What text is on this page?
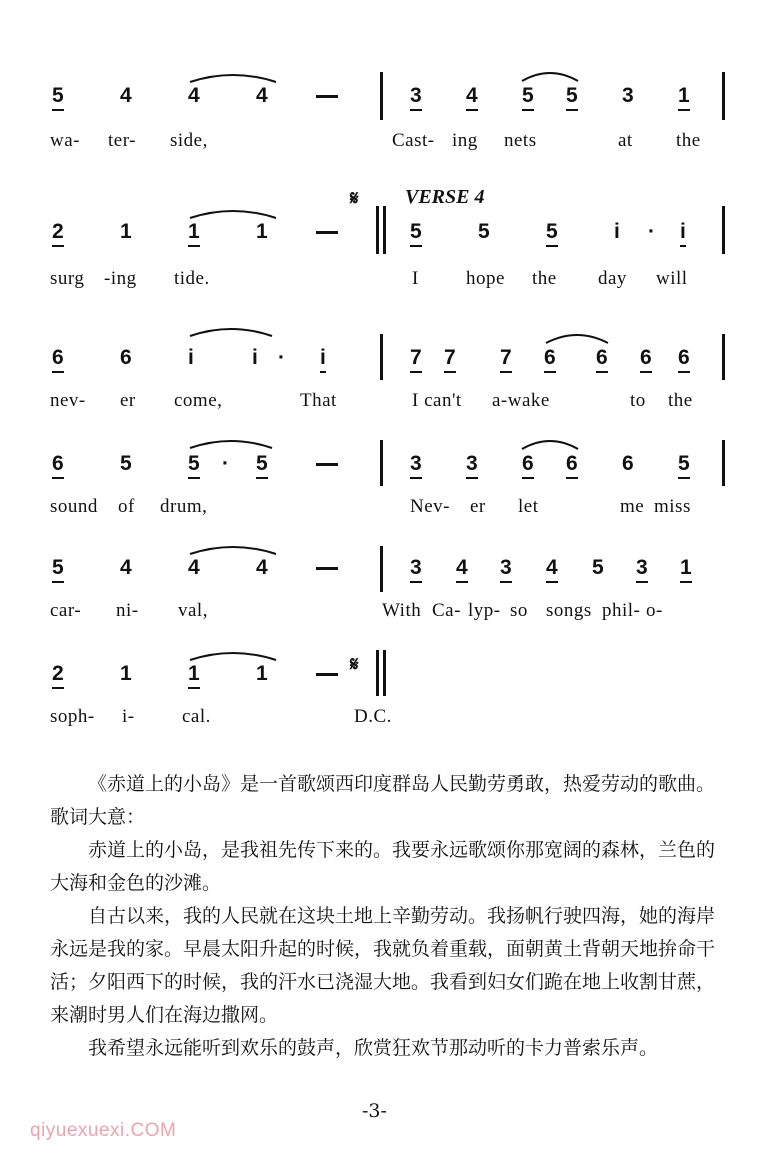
5	4	4	4	3 4 5 5 3 1
wa- ter- side,	Cast- ing nets	at the
𝄋 VERSE 4
2	1	1	1	5	5	5	i · i
surg -ing tide.	I hope the day will
6	6	i	i · i	7 7 7 6 6 6 6
nev- er come,	That	I can't a-wake	to the
6	5	5 · 5	3 3 6 6 6 5
sound of drum,	Nev- er let	me miss
5	4	4	4	3 4 3 4 5 3 1
car- ni- val,	With Ca- lyp- so songs phil- o-
2	1	1	1	𝄋
soph- i- cal.	D.C.

《赤道上的小岛》是一首歌颂西印度群岛人民勤劳勇敢，热爱劳动的歌曲。歌词大意：

赤道上的小岛，是我祖先传下来的。我要永远歌颂你那宽阔的森林，兰色的大海和金色的沙滩。

自古以来，我的人民就在这块土地上辛勤劳动。我扬帆行驶四海，她的海岸永远是我的家。早晨太阳升起的时候，我就负着重载，面朝黄土背朝天地拚命干活；夕阳西下的时候，我的汗水已浇湿大地。我看到妇女们跪在地上收割甘蔗，来潮时男人们在海边撒网。

我希望永远能听到欢乐的鼓声，欣赏狂欢节那动听的卡力普索乐声。

-3-
qiyuexuexi.COM
